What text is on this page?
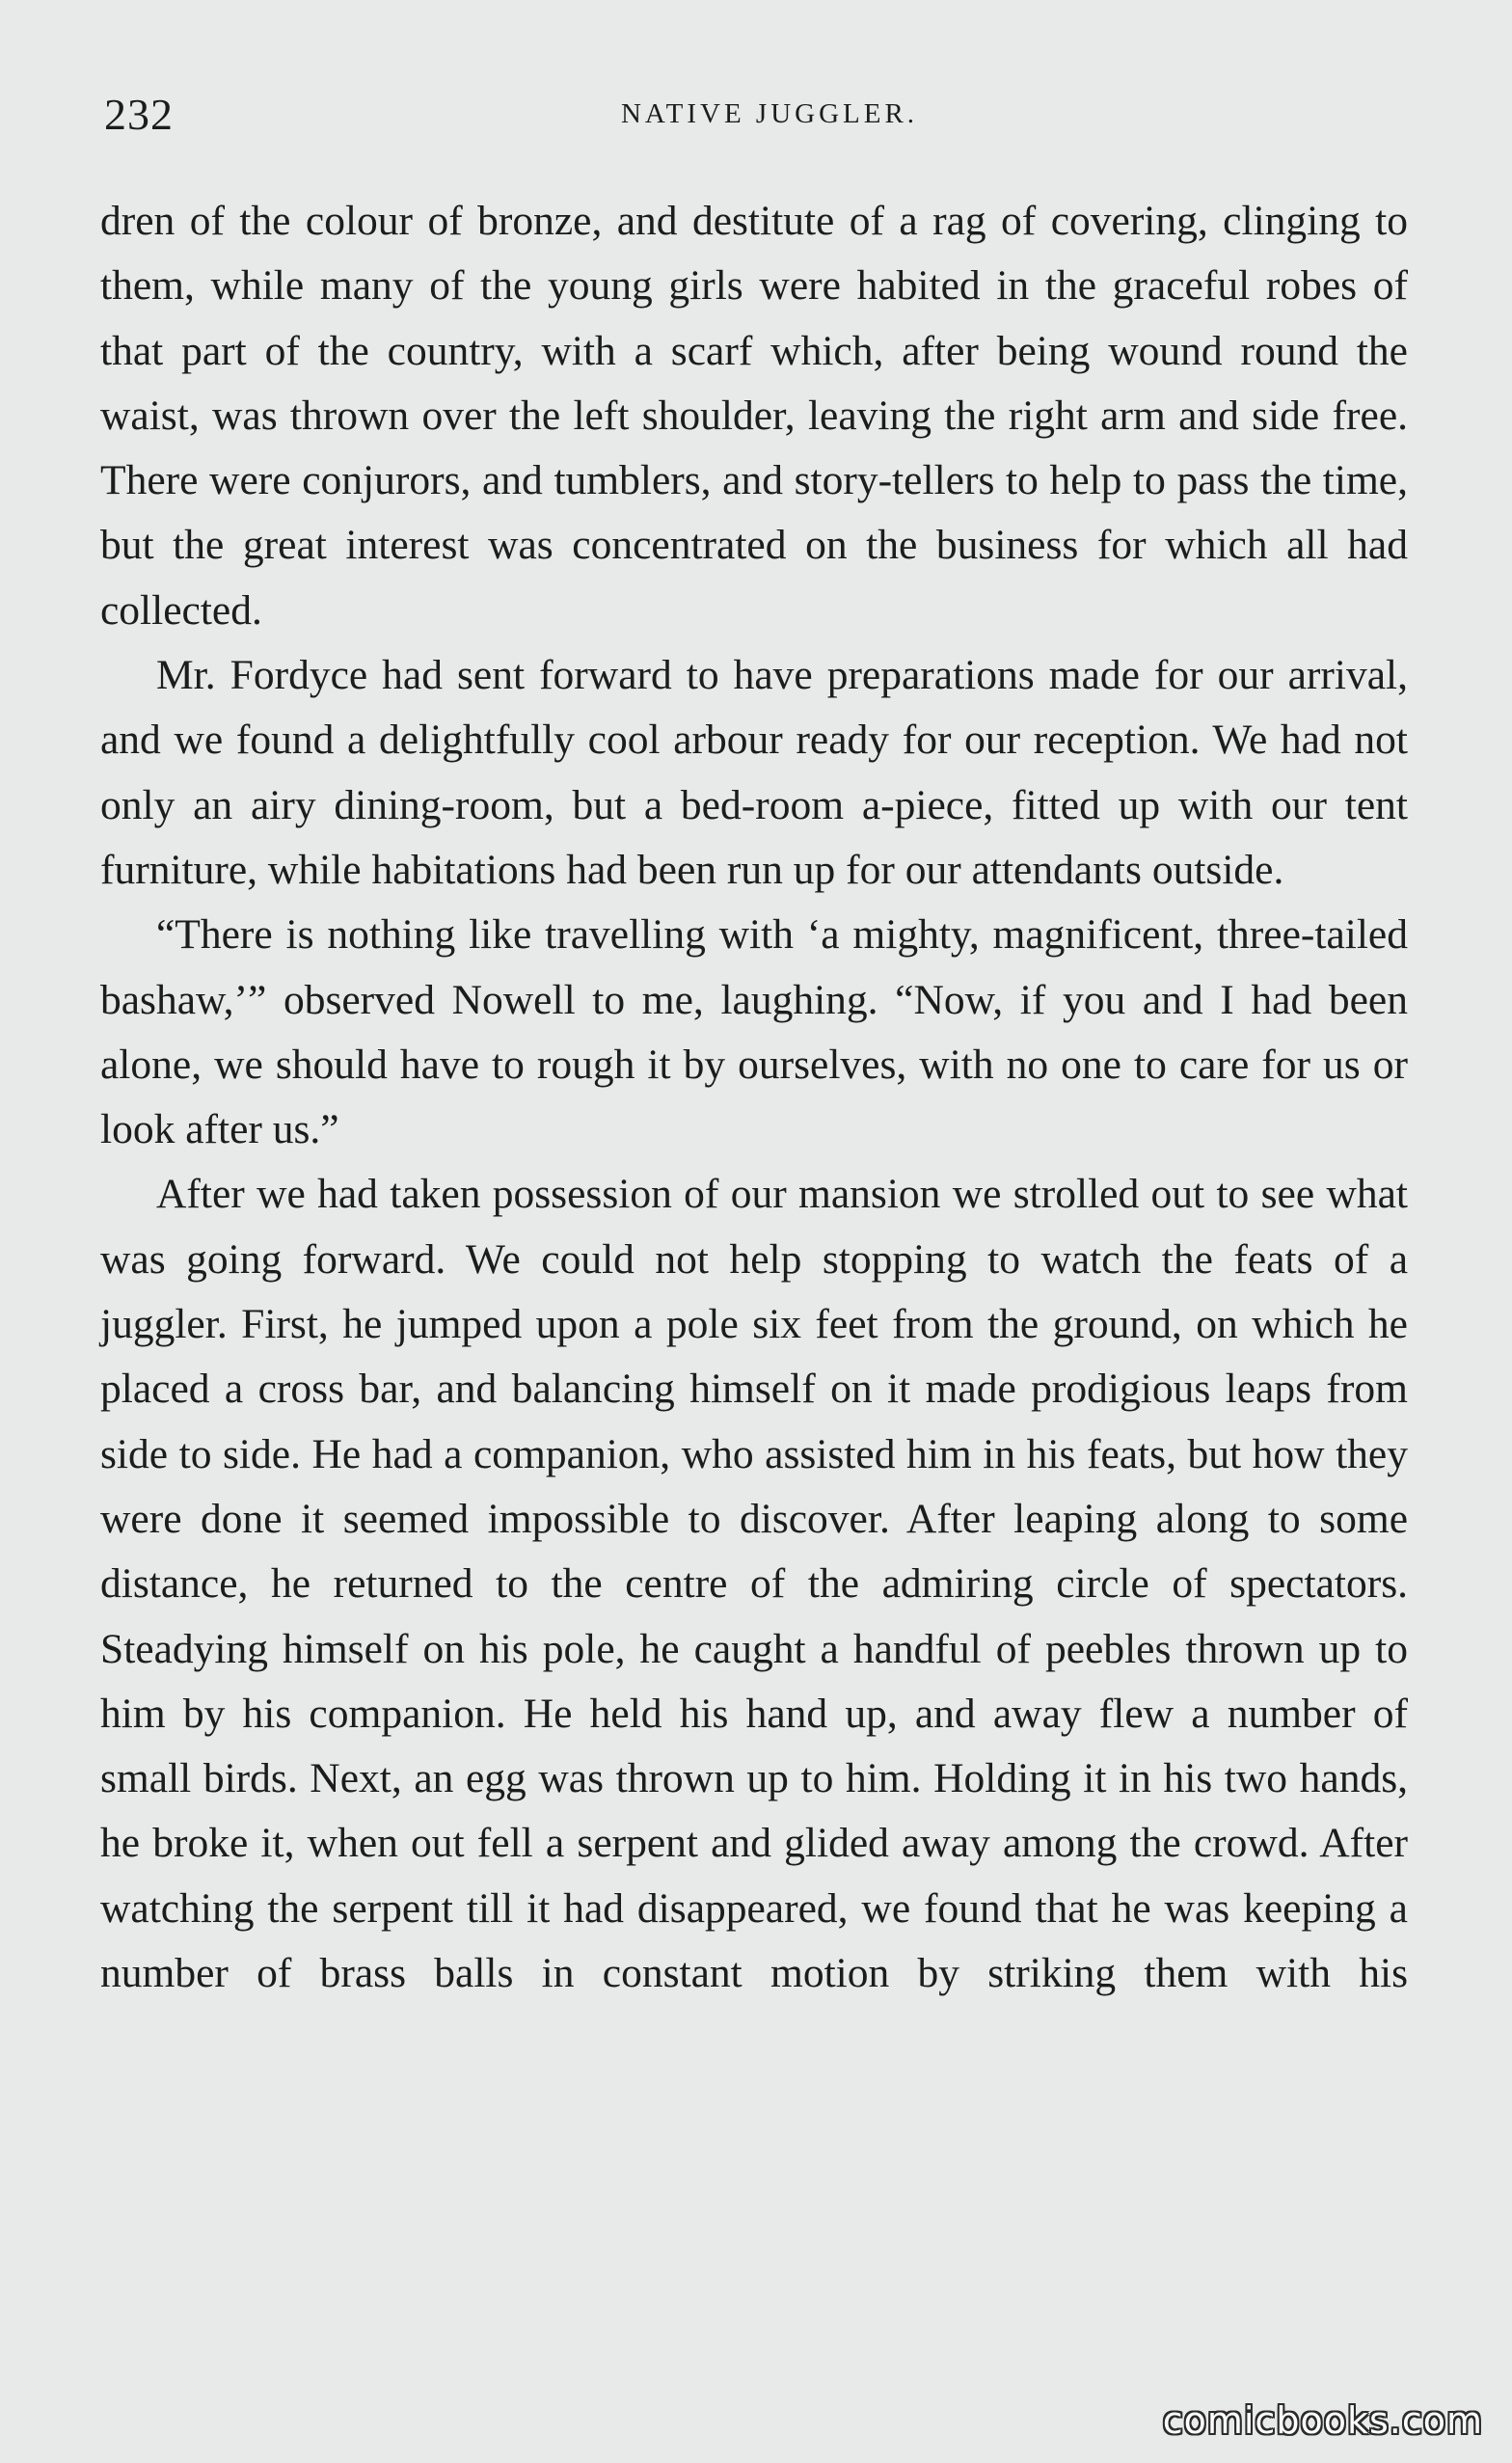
232	NATIVE JUGGLER.

dren of the colour of bronze, and destitute of a rag of covering, clinging to them, while many of the young girls were habited in the graceful robes of that part of the country, with a scarf which, after being wound round the waist, was thrown over the left shoulder, leaving the right arm and side free. There were conjurors, and tumblers, and story-tellers to help to pass the time, but the great interest was concentrated on the business for which all had collected.

Mr. Fordyce had sent forward to have preparations made for our arrival, and we found a delightfully cool arbour ready for our reception. We had not only an airy dining-room, but a bed-room a-piece, fitted up with our tent furniture, while habitations had been run up for our attendants outside.

“There is nothing like travelling with ‘a mighty, magnificent, three-tailed bashaw,’” observed Nowell to me, laughing. “Now, if you and I had been alone, we should have to rough it by ourselves, with no one to care for us or look after us.”

After we had taken possession of our mansion we strolled out to see what was going forward. We could not help stopping to watch the feats of a juggler. First, he jumped upon a pole six feet from the ground, on which he placed a cross bar, and balancing himself on it made prodigious leaps from side to side. He had a companion, who assisted him in his feats, but how they were done it seemed impossible to discover. After leaping along to some distance, he returned to the centre of the admiring circle of spectators. Steadying himself on his pole, he caught a handful of peebles thrown up to him by his companion. He held his hand up, and away flew a number of small birds. Next, an egg was thrown up to him. Holding it in his two hands, he broke it, when out fell a serpent and glided away among the crowd. After watching the serpent till it had disappeared, we found that he was keeping a number of brass balls in constant motion by striking them with his

comicbooks.com
